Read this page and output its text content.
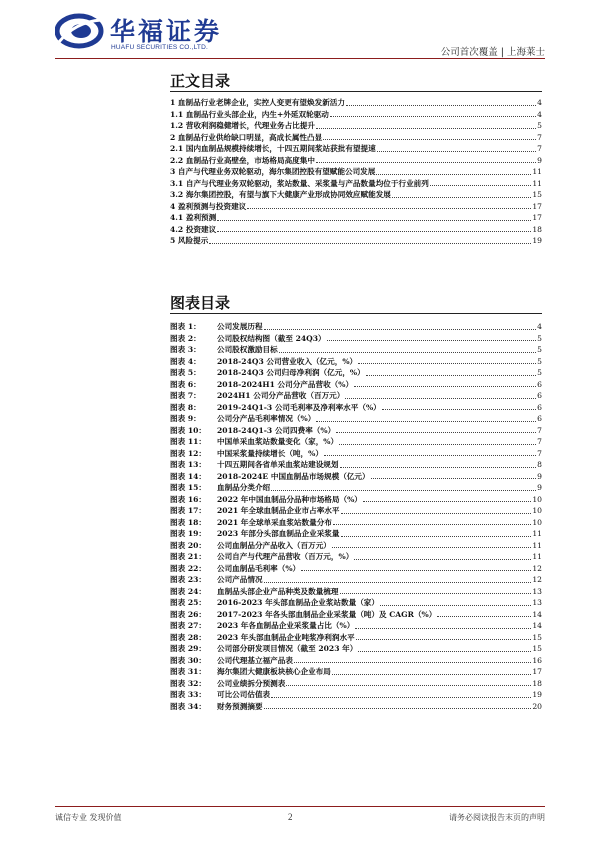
华福证券
HUAFU SECURITIES CO.,LTD.	公司首次覆盖 | 上海莱士
正文目录
1 血制品行业老牌企业，实控人变更有望焕发新活力	4
1.1 血制品行业头部企业，内生+外延双轮驱动	4
1.2 营收利润稳健增长，代理业务占比提升	5
2 血制品行业供给缺口明显，高成长属性凸显	7
2.1 国内血制品规模持续增长，十四五期间浆站获批有望提速	7
2.2 血制品行业高壁垒，市场格局高度集中	9
3 自产与代理业务双轮驱动，海尔集团控股有望赋能公司发展	11
3.1 自产与代理业务双轮驱动，浆站数量、采浆量与产品数量均位于行业前列	11
3.2 海尔集团控股，有望与旗下大健康产业形成协同效应赋能发展	15
4 盈利预测与投资建议	17
4.1 盈利预测	17
4.2 投资建议	18
5 风险提示	19
图表目录
图表 1： 公司发展历程	4
图表 2： 公司股权结构图（截至 24Q3）	5
图表 3： 公司股权激励目标	5
图表 4： 2018-24Q3 公司营业收入（亿元，%）	5
图表 5： 2018-24Q3 公司归母净利润（亿元，%）	5
图表 6： 2018-2024H1 公司分产品营收（%）	6
图表 7： 2024H1 公司分产品营收（百万元）	6
图表 8： 2019-24Q1-3 公司毛利率及净利率水平（%）	6
图表 9： 公司分产品毛利率情况（%）	6
图表 10： 2018-24Q1-3 公司四费率（%）	7
图表 11： 中国单采血浆站数量变化（家，%）	7
图表 12： 中国采浆量持续增长（吨，%）	7
图表 13： 十四五期间各省单采血浆站建设规划	8
图表 14： 2018-2024E 中国血制品市场规模（亿元）	9
图表 15： 血制品分类介绍	9
图表 16： 2022 年中国血制品分品种市场格局（%）	10
图表 17： 2021 年全球血制品企业市占率水平	10
图表 18： 2021 年全球单采血浆站数量分布	10
图表 19： 2023 年部分头部血制品企业采浆量	11
图表 20： 公司血制品分产品收入（百万元）	11
图表 21： 公司自产与代理产品营收（百万元，%）	11
图表 22： 公司血制品毛利率（%）	12
图表 23： 公司产品情况	12
图表 24： 血制品头部企业产品种类及数量梳理	13
图表 25： 2016-2023 年头部血制品企业浆站数量（家）	13
图表 26： 2017-2023 年各头部血制品企业采浆量（吨）及 CAGR（%）	14
图表 27： 2023 年各血制品企业采浆量占比（%）	14
图表 28： 2023 年头部血制品企业吨浆净利润水平	15
图表 29： 公司部分研发项目情况（截至 2023 年）	15
图表 30： 公司代理基立福产品表	16
图表 31： 海尔集团大健康板块核心企业布局	17
图表 32： 公司业绩拆分预测表	18
图表 33： 可比公司估值表	19
图表 34： 财务预测摘要	20
诚信专业 发现价值	2	请务必阅读报告末页的声明
